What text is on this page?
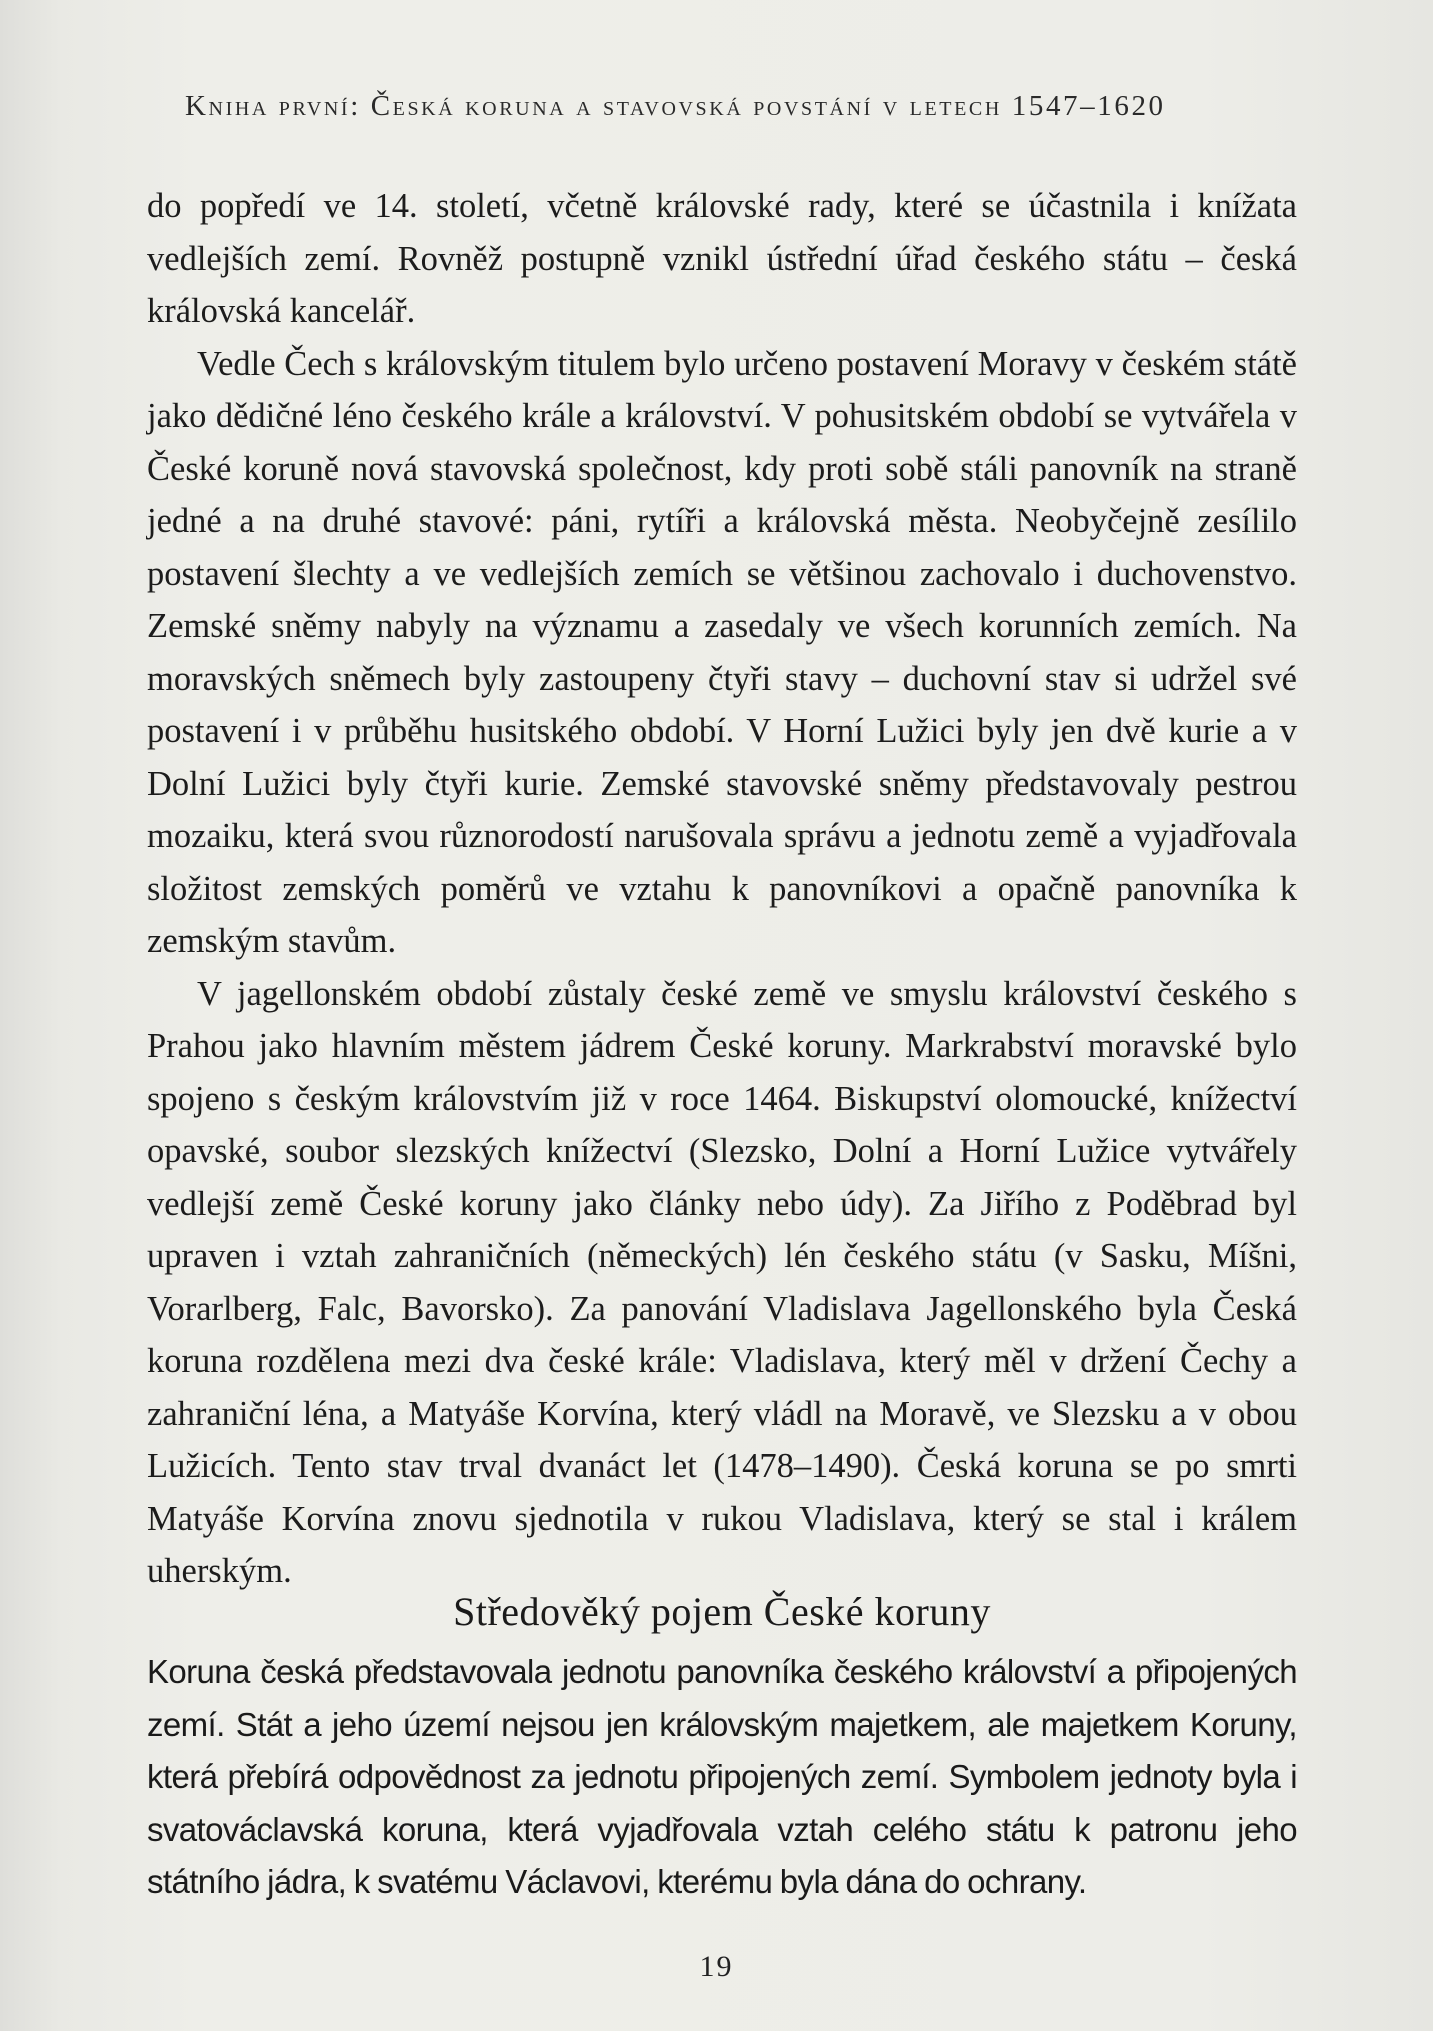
Kniha první: Česká koruna a stavovská povstání v letech 1547–1620

do popředí ve 14. století, včetně královské rady, které se účastnila i knížata vedlejších zemí. Rovněž postupně vznikl ústřední úřad českého státu – česká královská kancelář.

Vedle Čech s královským titulem bylo určeno postavení Moravy v českém státě jako dědičné léno českého krále a království. V pohusitském období se vytvářela v České koruně nová stavovská společnost, kdy proti sobě stáli panovník na straně jedné a na druhé stavové: páni, rytíři a královská města. Neobyčejně zesílilo postavení šlechty a ve vedlejších zemích se většinou zachovalo i duchovenstvo. Zemské sněmy nabyly na významu a zasedaly ve všech korunních zemích. Na moravských sněmech byly zastoupeny čtyři stavy – duchovní stav si udržel své postavení i v průběhu husitského období. V Horní Lužici byly jen dvě kurie a v Dolní Lužici byly čtyři kurie. Zemské stavovské sněmy představovaly pestrou mozaiku, která svou různorodostí narušovala správu a jednotu země a vyjadřovala složitost zemských poměrů ve vztahu k panovníkovi a opačně panovníka k zemským stavům.

V jagellonském období zůstaly české země ve smyslu království českého s Prahou jako hlavním městem jádrem České koruny. Markrabství moravské bylo spojeno s českým královstvím již v roce 1464. Biskupství olomoucké, knížectví opavské, soubor slezských knížectví (Slezsko, Dolní a Horní Lužice vytvářely vedlejší země České koruny jako články nebo údy). Za Jiřího z Poděbrad byl upraven i vztah zahraničních (německých) lén českého státu (v Sasku, Míšni, Vorarlberg, Falc, Bavorsko). Za panování Vladislava Jagellonského byla Česká koruna rozdělena mezi dva české krále: Vladislava, který měl v držení Čechy a zahraniční léna, a Matyáše Korvína, který vládl na Moravě, ve Slezsku a v obou Lužicích. Tento stav trval dvanáct let (1478–1490). Česká koruna se po smrti Matyáše Korvína znovu sjednotila v rukou Vladislava, který se stal i králem uherským.

Středověký pojem České koruny

Koruna česká představovala jednotu panovníka českého království a připojených zemí. Stát a jeho území nejsou jen královským majetkem, ale majetkem Koruny, která přebírá odpovědnost za jednotu připojených zemí. Symbolem jednoty byla i svatováclavská koruna, která vyjadřovala vztah celého státu k patronu jeho státního jádra, k svatému Václavovi, kterému byla dána do ochrany.

19
